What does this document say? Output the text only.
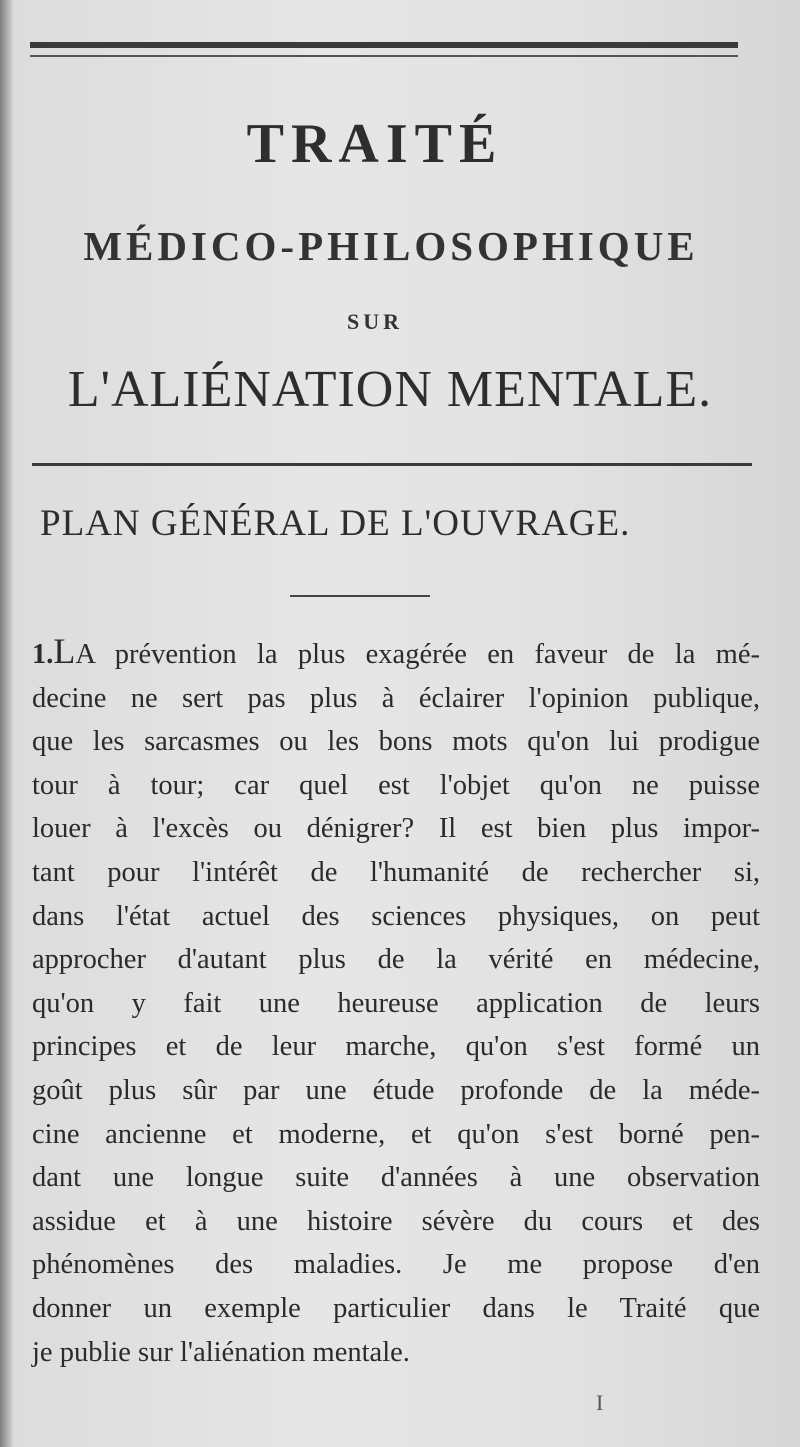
TRAITÉ
MÉDICO-PHILOSOPHIQUE
SUR
L'ALIÉNATION MENTALE.
PLAN GÉNÉRAL DE L'OUVRAGE.
1.LA prévention la plus exagérée en faveur de la mé-
decine ne sert pas plus à éclairer l'opinion publique,
que les sarcasmes ou les bons mots qu'on lui prodigue
tour à tour; car quel est l'objet qu'on ne puisse
louer à l'excès ou dénigrer? Il est bien plus impor-
tant pour l'intérêt de l'humanité de rechercher si,
dans l'état actuel des sciences physiques, on peut
approcher d'autant plus de la vérité en médecine,
qu'on y fait une heureuse application de leurs
principes et de leur marche, qu'on s'est formé un
goût plus sûr par une étude profonde de la méde-
cine ancienne et moderne, et qu'on s'est borné pen-
dant une longue suite d'années à une observation
assidue et à une histoire sévère du cours et des
phénomènes des maladies. Je me propose d'en
donner un exemple particulier dans le Traité que
je publie sur l'aliénation mentale.
I
